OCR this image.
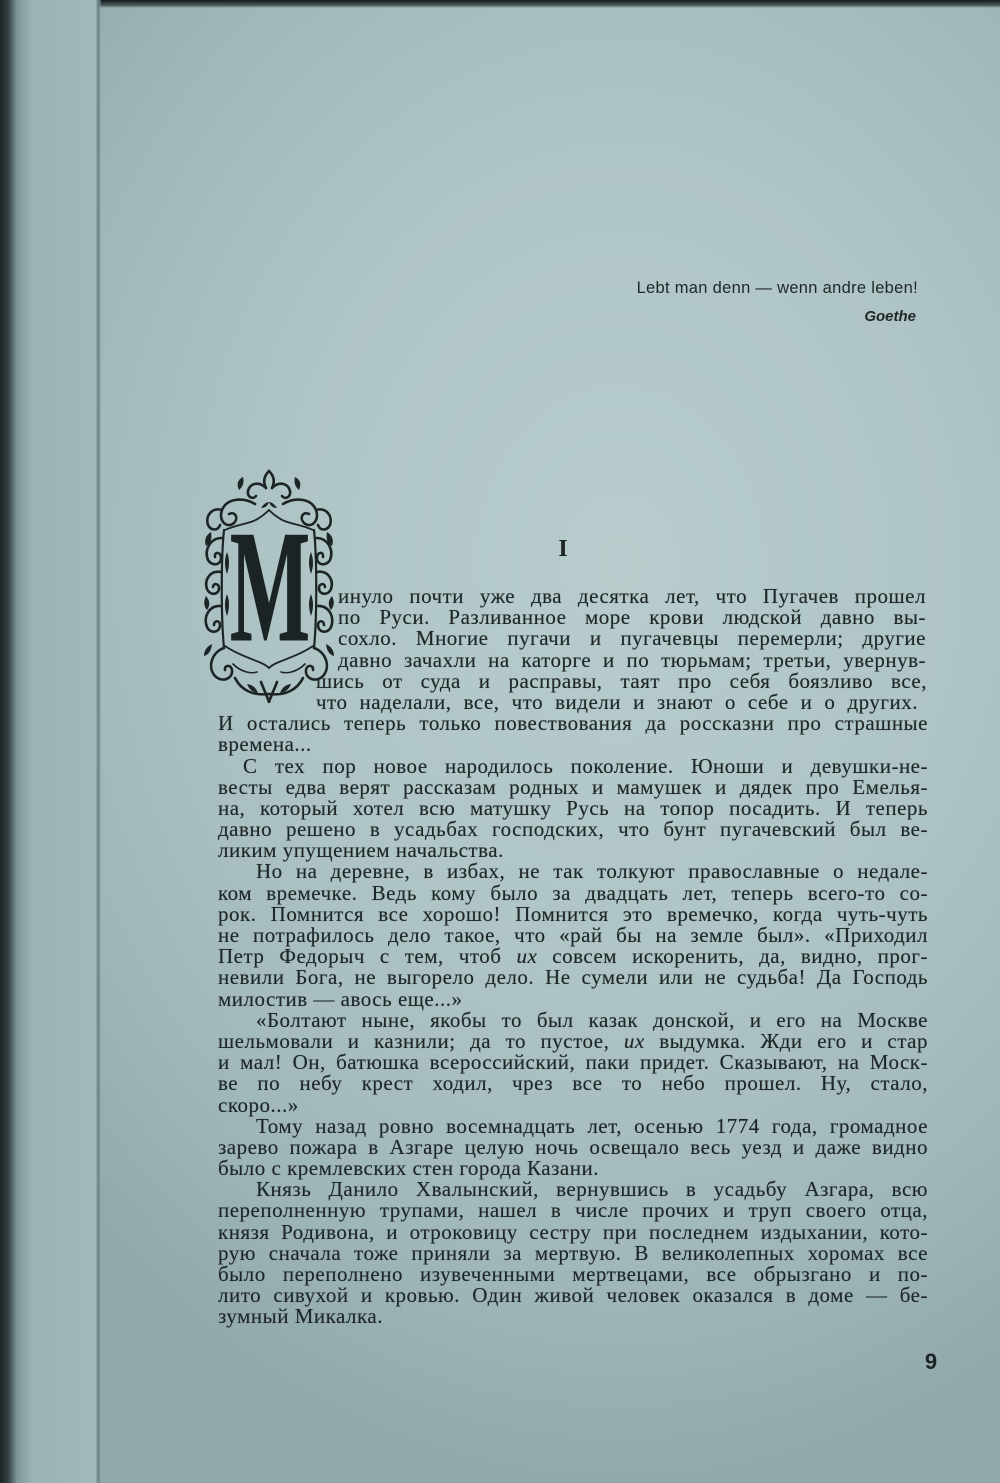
Lebt man denn — wenn andre leben!
Goethe
I
М инуло почти уже два десятка лет, что Пугачев прошел
по Руси. Разливанное море крови людской давно вы-
сохло. Многие пугачи и пугачевцы перемерли; другие
давно зачахли на каторге и по тюрьмам; третьи, увернув-
шись от суда и расправы, таят про себя боязливо все,
что наделали, все, что видели и знают о себе и о других.
И остались теперь только повествования да россказни про страшные
времена...
С тех пор новое народилось поколение. Юноши и девушки-не-
весты едва верят рассказам родных и мамушек и дядек про Емелья-
на, который хотел всю матушку Русь на топор посадить. И теперь
давно решено в усадьбах господских, что бунт пугачевский был ве-
ликим упущением начальства.
Но на деревне, в избах, не так толкуют православные о недале-
ком времечке. Ведь кому было за двадцать лет, теперь всего-то со-
рок. Помнится все хорошо! Помнится это времечко, когда чуть-чуть
не потрафилось дело такое, что «рай бы на земле был». «Приходил
Петр Федорыч с тем, чтоб их совсем искоренить, да, видно, прог-
невили Бога, не выгорело дело. Не сумели или не судьба! Да Господь
милостив — авось еще...»
«Болтают ныне, якобы то был казак донской, и его на Москве
шельмовали и казнили; да то пустое, их выдумка. Жди его и стар
и мал! Он, батюшка всероссийский, паки придет. Сказывают, на Моск-
ве по небу крест ходил, чрез все то небо прошел. Ну, стало,
скоро...»
Тому назад ровно восемнадцать лет, осенью 1774 года, громадное
зарево пожара в Азгаре целую ночь освещало весь уезд и даже видно
было с кремлевских стен города Казани.
Князь Данило Хвалынский, вернувшись в усадьбу Азгара, всю
переполненную трупами, нашел в числе прочих и труп своего отца,
князя Родивона, и отроковицу сестру при последнем издыхании, кото-
рую сначала тоже приняли за мертвую. В великолепных хоромах все
было переполнено изувеченными мертвецами, все обрызгано и по-
лито сивухой и кровью. Один живой человек оказался в доме — бе-
зумный Микалка.
9
